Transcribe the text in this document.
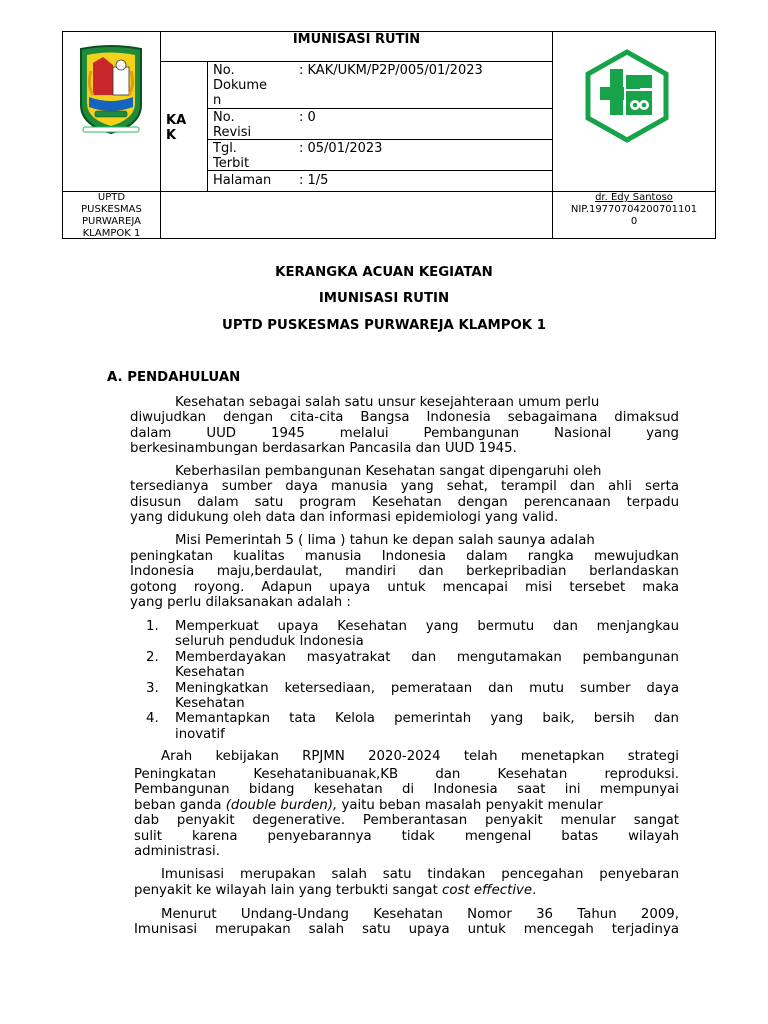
IMUNISASI RUTIN
KA
K
No.
Dokume
n
: KAK/UKM/P2P/005/01/2023
No.
Revisi
: 0
Tgl.
Terbit
: 05/01/2023
Halaman	: 1/5
UPTD
PUSKESMAS
PURWAREJA
KLAMPOK 1
dr. Edy Santoso
NIP.19770704200701101
0
KERANGKA ACUAN KEGIATAN
IMUNISASI RUTIN
UPTD PUSKESMAS PURWAREJA KLAMPOK 1
A. PENDAHULUAN
Kesehatan sebagai salah satu unsur kesejahteraan umum perlu
diwujudkan dengan cita-cita Bangsa Indonesia sebagaimana dimaksud
dalam UUD 1945 melalui Pembangunan Nasional yang
berkesinambungan berdasarkan Pancasila dan UUD 1945.
Keberhasilan pembangunan Kesehatan sangat dipengaruhi oleh
tersedianya sumber daya manusia yang sehat, terampil dan ahli serta
disusun dalam satu program Kesehatan dengan perencanaan terpadu
yang didukung oleh data dan informasi epidemiologi yang valid.
Misi Pemerintah 5 ( lima ) tahun ke depan salah saunya adalah
peningkatan kualitas manusia Indonesia dalam rangka mewujudkan
Indonesia maju,berdaulat, mandiri dan berkepribadian berlandaskan
gotong royong. Adapun upaya untuk mencapai misi tersebet maka
yang perlu dilaksanakan adalah :
1. Memperkuat upaya Kesehatan yang bermutu dan menjangkau
seluruh penduduk Indonesia
2. Memberdayakan masyatrakat dan mengutamakan pembangunan
Kesehatan
3. Meningkatkan ketersediaan, pemerataan dan mutu sumber daya
Kesehatan
4. Memantapkan tata Kelola pemerintah yang baik, bersih dan
inovatif
Arah kebijakan RPJMN 2020-2024 telah menetapkan strategi
Peningkatan Kesehatanibuanak,KB dan Kesehatan reproduksi.
Pembangunan bidang kesehatan di Indonesia saat ini mempunyai
beban ganda (double burden), yaitu beban masalah penyakit menular
dab penyakit degenerative. Pemberantasan penyakit menular sangat
sulit karena penyebarannya tidak mengenal batas wilayah
administrasi.
Imunisasi merupakan salah satu tindakan pencegahan penyebaran
penyakit ke wilayah lain yang terbukti sangat cost effective.
Menurut Undang-Undang Kesehatan Nomor 36 Tahun 2009,
Imunisasi merupakan salah satu upaya untuk mencegah terjadinya
